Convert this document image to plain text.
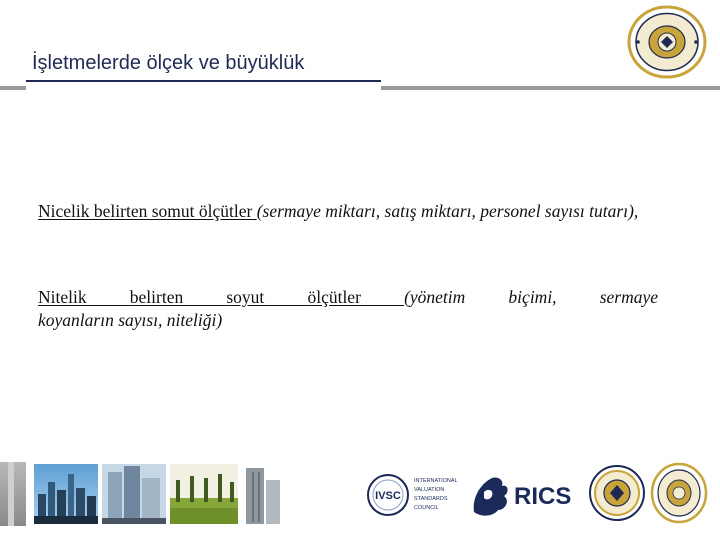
İşletmelerde ölçek ve büyüklük
Nicelik belirten somut ölçütler (sermaye miktarı, satış miktarı, personel sayısı tutarı),
Nitelik belirten soyut ölçütler (yönetim biçimi, sermaye
koyanların sayısı, niteliği)
IVSC
INTERNATIONAL
VALUATION
STANDARDS
COUNCIL	RICS
